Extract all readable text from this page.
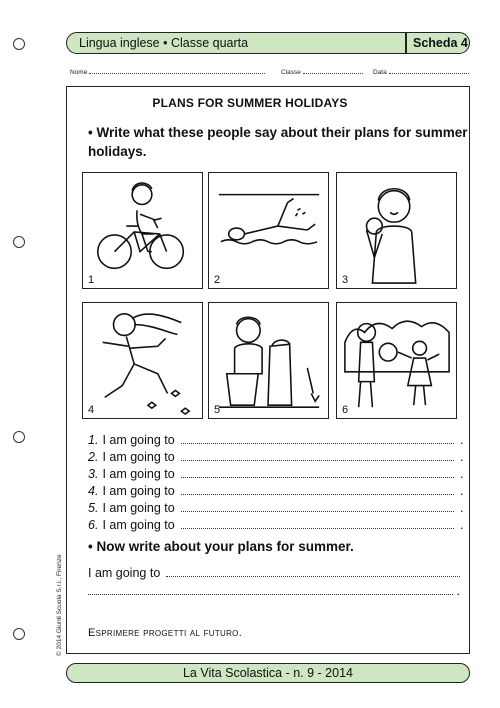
Lingua inglese • Classe quarta	Scheda 4
Nome	Classe	Data
PLANS FOR SUMMER HOLIDAYS
• Write what these people say about their plans for summer holidays.
1	2	3
4	5	6
1. I am going to	.
2. I am going to	.
3. I am going to	.
4. I am going to	.
5. I am going to	.
6. I am going to	.
• Now write about your plans for summer.
I am going to
.
Esprimere progetti al futuro.
© 2014 Giunti Scuola S.r.l., Firenze
La Vita Scolastica - n. 9 - 2014
